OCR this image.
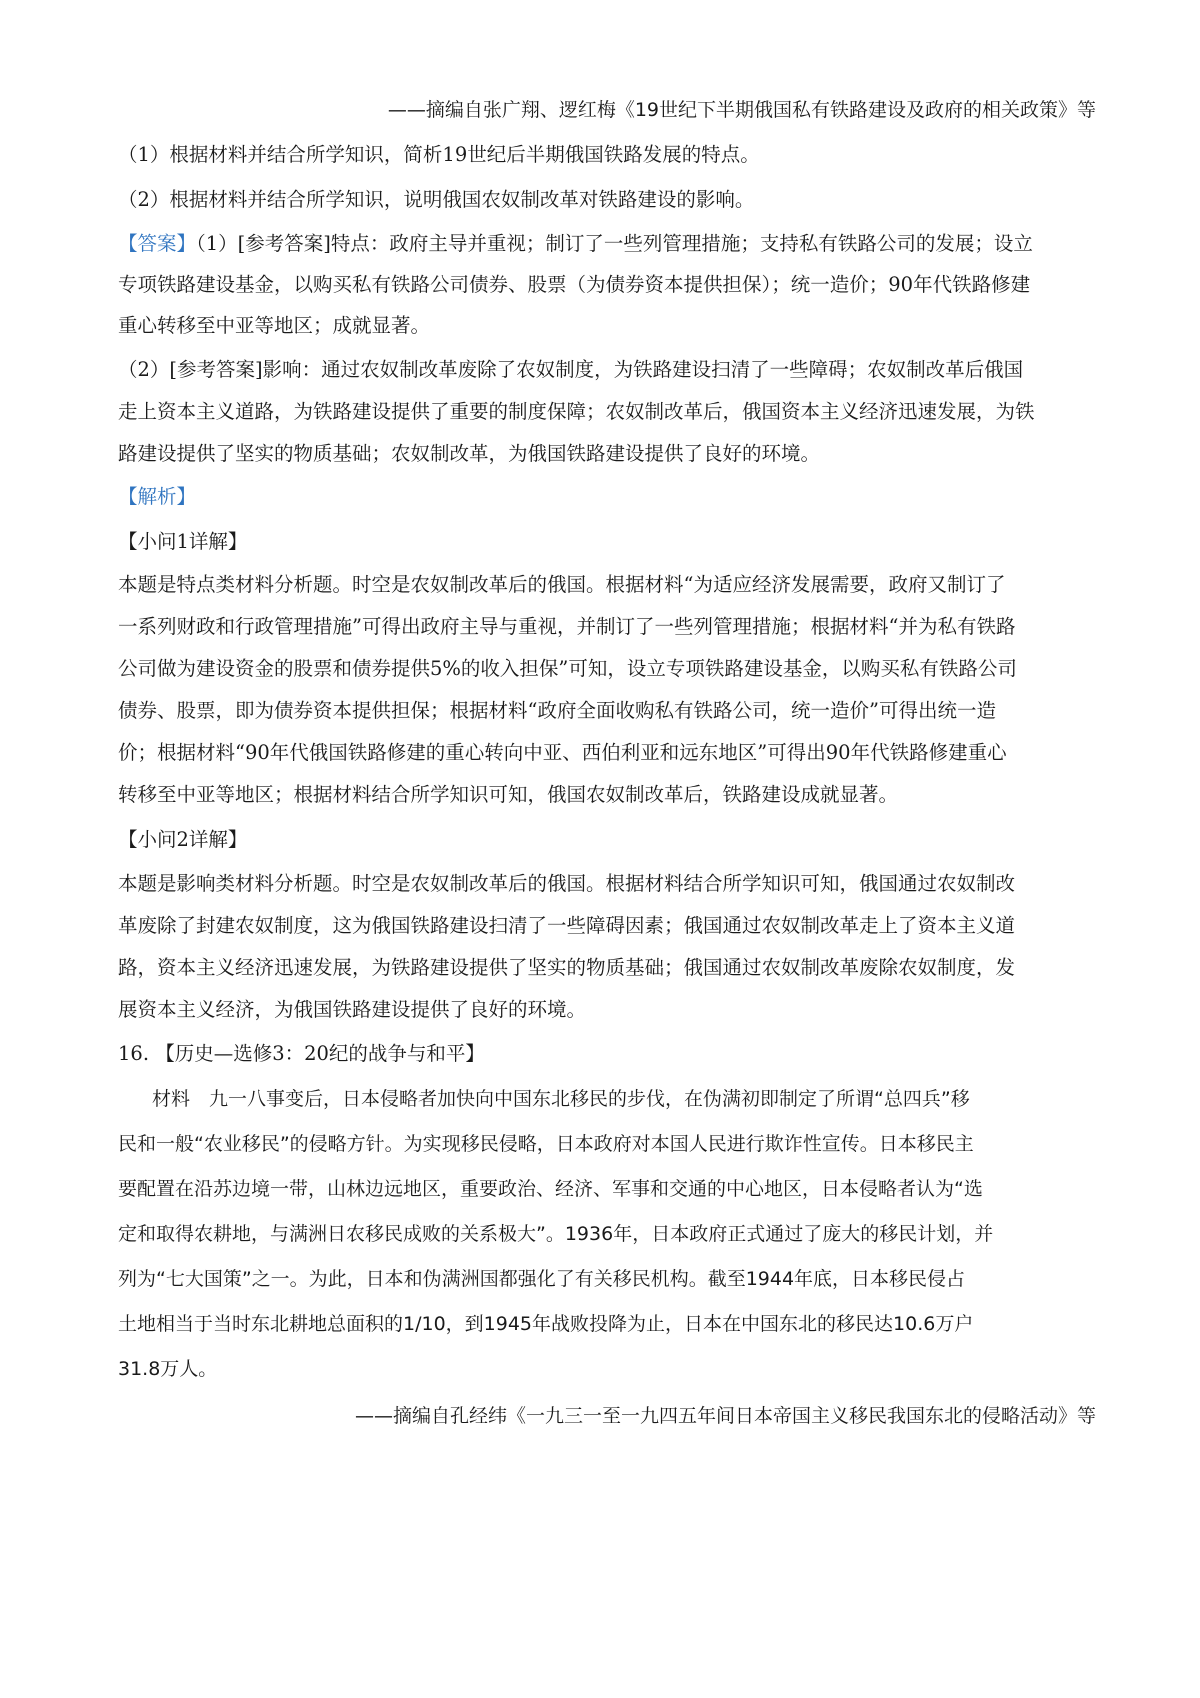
——摘编自张广翔、逻红梅《19世纪下半期俄国私有铁路建设及政府的相关政策》等
（1）根据材料并结合所学知识，简析19世纪后半期俄国铁路发展的特点。
（2）根据材料并结合所学知识，说明俄国农奴制改革对铁路建设的影响。
【答案】（1）[参考答案]特点：政府主导并重视；制订了一些列管理措施；支持私有铁路公司的发展；设立
专项铁路建设基金，以购买私有铁路公司债券、股票（为债券资本提供担保）；统一造价；90年代铁路修建
重心转移至中亚等地区；成就显著。
（2）[参考答案]影响：通过农奴制改革废除了农奴制度，为铁路建设扫清了一些障碍；农奴制改革后俄国
走上资本主义道路，为铁路建设提供了重要的制度保障；农奴制改革后，俄国资本主义经济迅速发展，为铁
路建设提供了坚实的物质基础；农奴制改革，为俄国铁路建设提供了良好的环境。
【解析】
【小问1详解】
本题是特点类材料分析题。时空是农奴制改革后的俄国。根据材料“为适应经济发展需要，政府又制订了
一系列财政和行政管理措施”可得出政府主导与重视，并制订了一些列管理措施；根据材料“并为私有铁路
公司做为建设资金的股票和债券提供5%的收入担保”可知，设立专项铁路建设基金，以购买私有铁路公司
债券、股票，即为债券资本提供担保；根据材料“政府全面收购私有铁路公司，统一造价”可得出统一造
价；根据材料“90年代俄国铁路修建的重心转向中亚、西伯利亚和远东地区”可得出90年代铁路修建重心
转移至中亚等地区；根据材料结合所学知识可知，俄国农奴制改革后，铁路建设成就显著。
【小问2详解】
本题是影响类材料分析题。时空是农奴制改革后的俄国。根据材料结合所学知识可知，俄国通过农奴制改
革废除了封建农奴制度，这为俄国铁路建设扫清了一些障碍因素；俄国通过农奴制改革走上了资本主义道
路，资本主义经济迅速发展，为铁路建设提供了坚实的物质基础；俄国通过农奴制改革废除农奴制度，发
展资本主义经济，为俄国铁路建设提供了良好的环境。
16. 【历史—选修3：20纪的战争与和平】
材料　九一八事变后，日本侵略者加快向中国东北移民的步伐，在伪满初即制定了所谓“总四兵”移
民和一般“农业移民”的侵略方针。为实现移民侵略，日本政府对本国人民进行欺诈性宣传。日本移民主
要配置在沿苏边境一带，山林边远地区，重要政治、经济、军事和交通的中心地区，日本侵略者认为“选
定和取得农耕地，与满洲日农移民成败的关系极大”。1936年，日本政府正式通过了庞大的移民计划，并
列为“七大国策”之一。为此，日本和伪满洲国都强化了有关移民机构。截至1944年底，日本移民侵占
土地相当于当时东北耕地总面积的1/10，到1945年战败投降为止，日本在中国东北的移民达10.6万户
31.8万人。
——摘编自孔经纬《一九三一至一九四五年间日本帝国主义移民我国东北的侵略活动》等
